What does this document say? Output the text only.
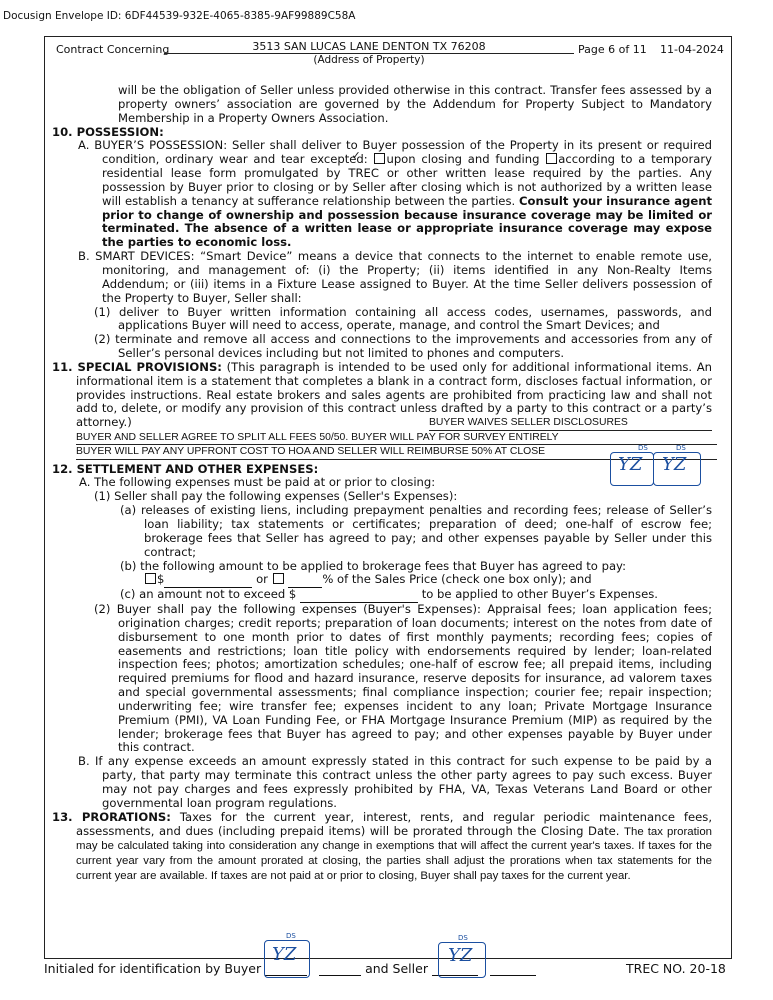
Docusign Envelope ID: 6DF44539-932E-4065-8385-9AF99889C58A
Contract Concerning	3513 SAN LUCAS LANE DENTON TX 76208
(Address of Property)
Page 6 of 11 11-04-2024

will be the obligation of Seller unless provided otherwise in this contract. Transfer fees assessed by a property owners’ association are governed by the Addendum for Property Subject to Mandatory Membership in a Property Owners Association.

10. POSSESSION:

A. BUYER’S POSSESSION: Seller shall deliver to Buyer possession of the Property in its present or required condition, ordinary wear and tear excepted: ✓ upon closing and funding according to a temporary residential lease form promulgated by TREC or other written lease required by the parties. Any possession by Buyer prior to closing or by Seller after closing which is not authorized by a written lease will establish a tenancy at sufferance relationship between the parties. Consult your insurance agent prior to change of ownership and possession because insurance coverage may be limited or terminated. The absence of a written lease or appropriate insurance coverage may expose the parties to economic loss.

B. SMART DEVICES: “Smart Device” means a device that connects to the internet to enable remote use, monitoring, and management of: (i) the Property; (ii) items identified in any Non-Realty Items Addendum; or (iii) items in a Fixture Lease assigned to Buyer. At the time Seller delivers possession of the Property to Buyer, Seller shall:

(1) deliver to Buyer written information containing all access codes, usernames, passwords, and applications Buyer will need to access, operate, manage, and control the Smart Devices; and

(2) terminate and remove all access and connections to the improvements and accessories from any of Seller’s personal devices including but not limited to phones and computers.

11. SPECIAL PROVISIONS: (This paragraph is intended to be used only for additional informational items. An informational item is a statement that completes a blank in a contract form, discloses factual information, or provides instructions. Real estate brokers and sales agents are prohibited from practicing law and shall not add to, delete, or modify any provision of this contract unless drafted by a party to this contract or a party’s attorney.)	BUYER WAIVES SELLER DISCLOSURES
BUYER AND SELLER AGREE TO SPLIT ALL FEES 50/50. BUYER WILL PAY FOR SURVEY ENTIRELY
BUYER WILL PAY ANY UPFRONT COST TO HOA AND SELLER WILL REIMBURSE 50% AT CLOSE

12. SETTLEMENT AND OTHER EXPENSES:

A. The following expenses must be paid at or prior to closing:

(1) Seller shall pay the following expenses (Seller's Expenses):

(a) releases of existing liens, including prepayment penalties and recording fees; release of Seller’s loan liability; tax statements or certificates; preparation of deed; one-half of escrow fee; brokerage fees that Seller has agreed to pay; and other expenses payable by Seller under this contract;

(b) the following amount to be applied to brokerage fees that Buyer has agreed to pay:
$	or	% of the Sales Price (check one box only); and

(c) an amount not to exceed $	to be applied to other Buyer’s Expenses.

(2) Buyer shall pay the following expenses (Buyer's Expenses): Appraisal fees; loan application fees; origination charges; credit reports; preparation of loan documents; interest on the notes from date of disbursement to one month prior to dates of first monthly payments; recording fees; copies of easements and restrictions; loan title policy with endorsements required by lender; loan-related inspection fees; photos; amortization schedules; one-half of escrow fee; all prepaid items, including required premiums for flood and hazard insurance, reserve deposits for insurance, ad valorem taxes and special governmental assessments; final compliance inspection; courier fee; repair inspection; underwriting fee; wire transfer fee; expenses incident to any loan; Private Mortgage Insurance Premium (PMI), VA Loan Funding Fee, or FHA Mortgage Insurance Premium (MIP) as required by the lender; brokerage fees that Buyer has agreed to pay; and other expenses payable by Buyer under this contract.

B. If any expense exceeds an amount expressly stated in this contract for such expense to be paid by a party, that party may terminate this contract unless the other party agrees to pay such excess. Buyer may not pay charges and fees expressly prohibited by FHA, VA, Texas Veterans Land Board or other governmental loan program regulations.

13. PRORATIONS: Taxes for the current year, interest, rents, and regular periodic maintenance fees, assessments, and dues (including prepaid items) will be prorated through the Closing Date. The tax proration may be calculated taking into consideration any change in exemptions that will affect the current year's taxes. If taxes for the current year vary from the amount prorated at closing, the parties shall adjust the prorations when tax statements for the current year are available. If taxes are not paid at or prior to closing, Buyer shall pay taxes for the current year.

DS
YZ
DS
YZ
Initialed for identification by Buyer	and Seller	TREC NO. 20-18
DS
YZ
DS
YZ
